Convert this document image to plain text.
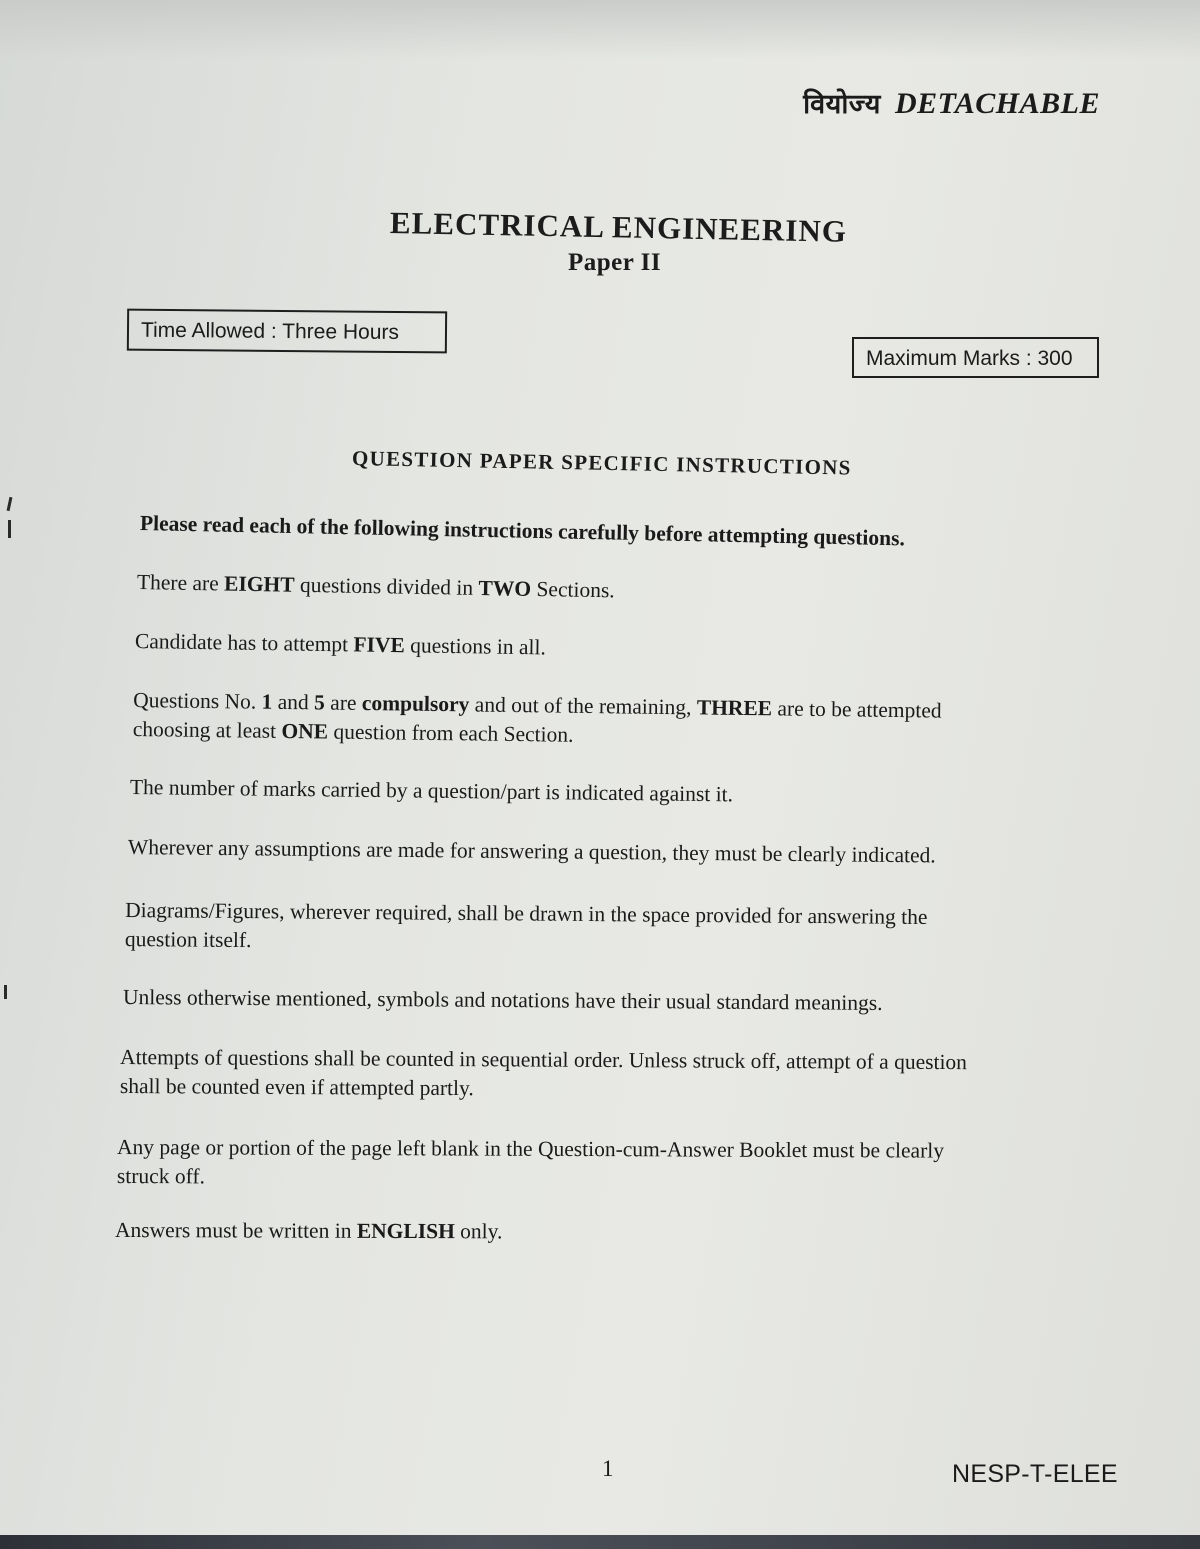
वियोज्य DETACHABLE
ELECTRICAL ENGINEERING
Paper II
Time Allowed : Three Hours
Maximum Marks : 300
QUESTION PAPER SPECIFIC INSTRUCTIONS

Please read each of the following instructions carefully before attempting questions.

There are EIGHT questions divided in TWO Sections.

Candidate has to attempt FIVE questions in all.

Questions No. 1 and 5 are compulsory and out of the remaining, THREE are to be attempted
choosing at least ONE question from each Section.

The number of marks carried by a question/part is indicated against it.

Wherever any assumptions are made for answering a question, they must be clearly indicated.

Diagrams/Figures, wherever required, shall be drawn in the space provided for answering the
question itself.

Unless otherwise mentioned, symbols and notations have their usual standard meanings.

Attempts of questions shall be counted in sequential order. Unless struck off, attempt of a question
shall be counted even if attempted partly.

Any page or portion of the page left blank in the Question-cum-Answer Booklet must be clearly
struck off.

Answers must be written in ENGLISH only.

1	NESP-T-ELEE
